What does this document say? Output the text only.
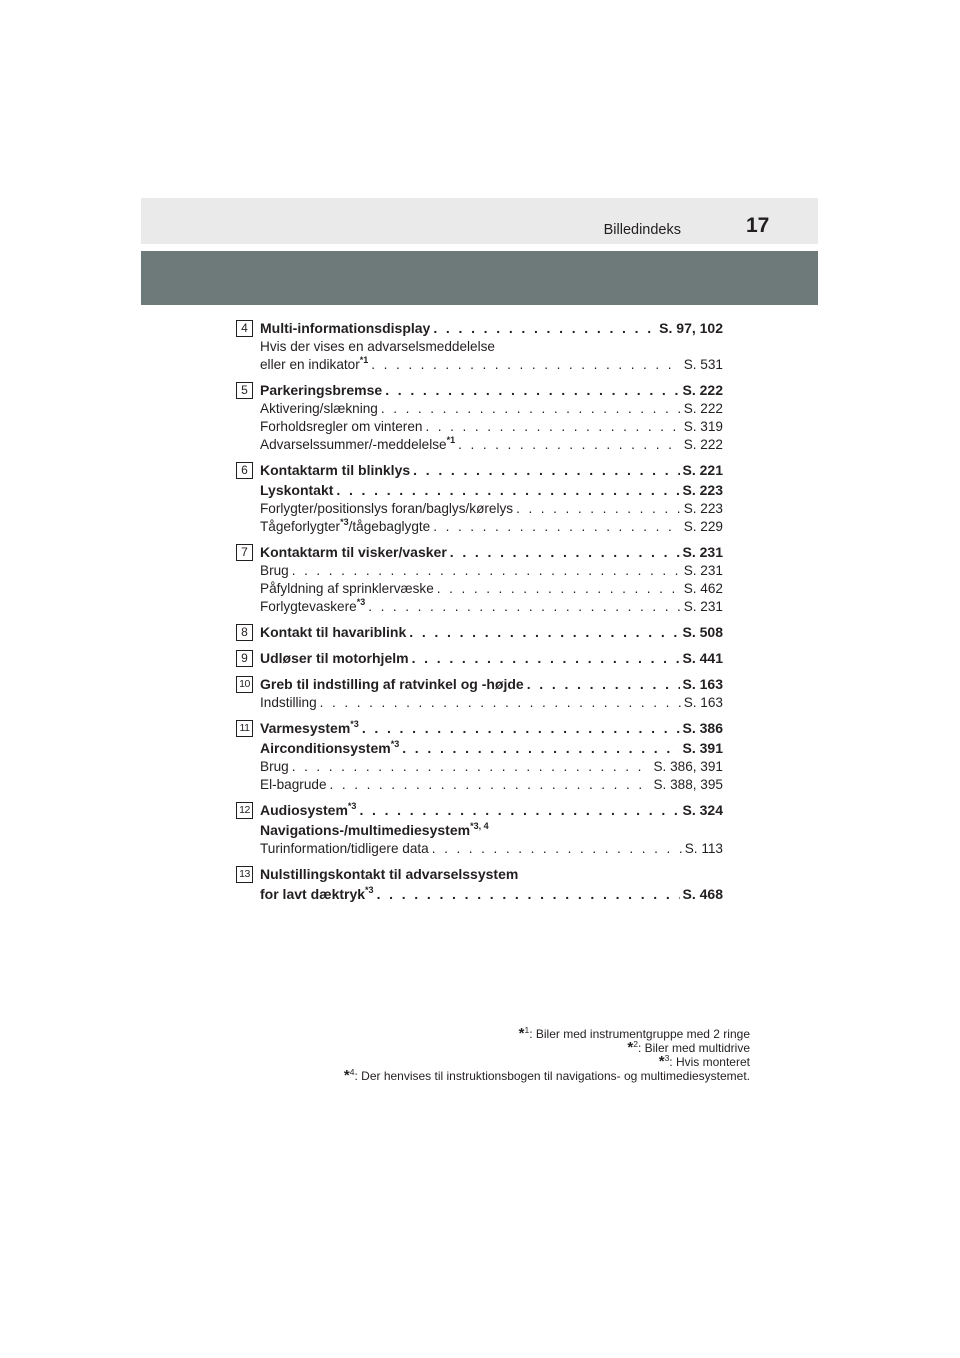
Billedindeks	17
4 Multi-informationsdisplay . . .	S. 97, 102
Hvis der vises en advarselsmeddelelse
eller en indikator$^{*1}$ . . .	S. 531
5 Parkeringsbremse . . .	S. 222
Aktivering/slækning . . .	S. 222
Forholdsregler om vinteren . . .	S. 319
Advarselssummer/-meddelelse$^{*1}$ . . .	S. 222
6 Kontaktarm til blinklys . . .	S. 221
Lyskontakt . . .	S. 223
Forlygter/positionslys foran/baglys/kørelys . . .	S. 223
Tågeforlygter$^{*3}$/tågebaglygte . . .	S. 229
7 Kontaktarm til visker/vasker . . .	S. 231
Brug . . .	S. 231
Påfyldning af sprinklervæske . . .	S. 462
Forlygtevaskere$^{*3}$ . . .	S. 231
8 Kontakt til havariblink . . .	S. 508
9 Udløser til motorhjelm . . .	S. 441
10 Greb til indstilling af ratvinkel og -højde . . .	S. 163
Indstilling . . .	S. 163
11 Varmesystem$^{*3}$ . . .	S. 386
Airconditionsystem$^{*3}$ . . .	S. 391
Brug . . .	S. 386, 391
El-bagrude . . .	S. 388, 395
12 Audiosystem$^{*3}$ . . .	S. 324
Navigations-/multimediesystem$^{*3, 4}$
Turinformation/tidligere data . . .	S. 113
13 Nulstillingskontakt til advarselssystem
for lavt dæktryk$^{*3}$ . . .	S. 468
*$^1$: Biler med instrumentgruppe med 2 ringe
*$^2$: Biler med multidrive
*$^3$: Hvis monteret
*$^4$: Der henvises til instruktionsbogen til navigations- og multimediesystemet.
